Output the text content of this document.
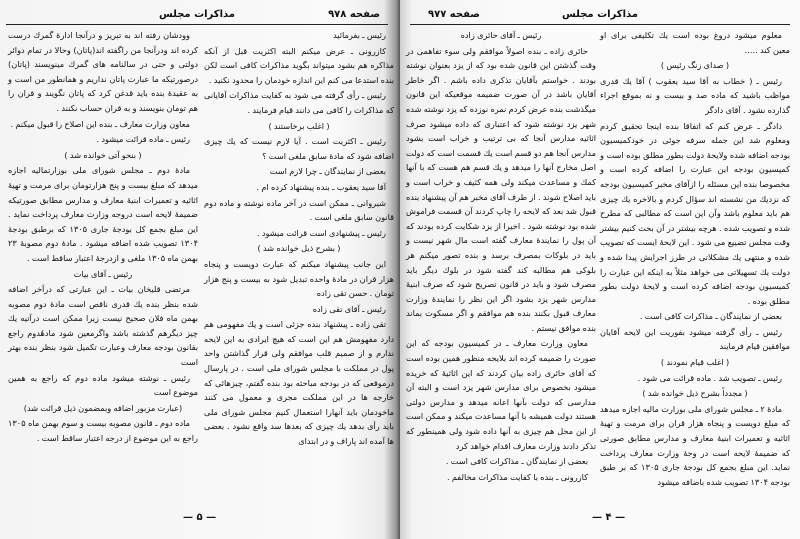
مذاکرات مجلس	صفحه ۹۷۸

رئیس ـ بفرمائید

کازرونی ـ عرض میکنم البته اکثریت قبل از آنکه مذاکره هم بشود میتواند بگوید مذاکرات کافی است لکن بنده استدعا می کنم این اندازه خودمان را محدود نکنید .

رئیس ـ رأی گرفته می شود به کفایت مذاکرات آقایانی که مذاکرات را کافی می دانند قیام فرمایند .

( اغلب برخاستند )

رئیس ـ اکثریت است . آیا لازم نیست که یك چیزی اضافه شود که مادهٔ سابق ملغی است ؟

بعضی از نمایندگان ـ چرا لازم است

آقا سید یعقوب ـ بنده پیشنهاد کرده ام .

شیروانی ـ ممکن است در آخر ماده نوشته و ماده دوم قانون سابق ملغی است .

رئیس ـ پیشنهادی است قرائت میشود .

( بشرح ذیل خوانده شد )

این جانب پیشنهاد میکنم که عبارت دویست و پنجاه هزار قران در مادهٔ واحده تبدیل شود به بیست و پنج هزار تومان . حسن تقی زاده

رئیس ـ آقای تقی زاده

تقی زاده ـ پیشنهاد بنده جزئی است و یك مفهومی هم دارد مفهومش هم این است که هیچ ایرادی به این لایحه ندارم و از صمیم قلب موافقم ولی قرار گذاشتن واحد پول در مملکت با مجلس شورای ملی است . در پارسال درموقعی که در بودجه مباحثه بود بنده گفتم، چیزهائی که خارجه ها در این مملکت مجری و معمول می کنند ماخودمان باید آنهارا استعمال کنیم مجلس شورای ملی باید رأی بدهد یك چیزی که بعدها سد واقع نشود . بعضی ها آمده اند پاراف و در ابتدای

وودشان رفته اند به تبریز و درآنجا ادارهٔ گمرك درست کرده اند ودرآنجا من راگفته اند(پاتان) وحالا در تمام دوائر دولتی و حتی در سالنامه های گمرك مینویسند (پاتان) درصورتیکه ما عبارت پاتان نداریم و همانطور من است و به عقیدهٔ بنده باید قدغن کرد که پاتان نگویند و قران را هم تومان بنویسند و به قران حساب نکنند .

معاون وزارت معارف ـ بنده این اصلاح را قبول میکنم .

رئیس ـ ماده قرائت میشود .

( بنحو آتی خوانده شد )

مادهٔ دوم ـ مجلس شورای ملی بوزارتمالیه اجازه میدهد که مبلغ بیست و پنج هزارتومان برای مرمت و تهیهٔ اثاثیه و تعمیرات ابنیهٔ معارف و مدارس مطابق صورتیکه ضمیمهٔ لایحه است دروجه وزارت معارف پرداخت نماید . این مبلغ بجمع کل بودجهٔ جاری ۱۳۰۵ که برطبق بودجهٔ ۱۳۰۴ تصویب شده اضافه میشود . مادهٔ دوم مصوبهٔ ۲۳ بهمن ماه ۱۳۰۵ ملغی و ازدرجهٔ اعتبار ساقط است .

رئیس ـ آقای بیات

مرتضی قلیخان بیات ـ این عبارتی که درآخر اضافه شده بنظر بنده یك قدری ناقص است مادهٔ دوم مصوبه بهمن ماه فلان صحیح نیست زیرا ممکن است درآتیه یك چیز دیگرهم گذشته باشد واگرمعین شود مادهٔدوم راجع بقانون بودجه معارف وعبارت تکمیل شود بنظر بنده بهتر است

رئیس ـ نوشته میشود ماده دوم که راجع به همین موضوع است

(عبارت مزبور اضافه وبمضمون ذیل قرائت شد)

ماده دوم ـ قانون مصوبه بیست و سوم بهمن ماه ۱۳۰۵ راجع به این موضوع از درجه اعتبار ساقط است .

— ۵ —
مذاکرات مجلس
صفحه ۹۷۷

معلوم میشود دروغ بوده است یك تکلیفی برای او معین کند .....

( صدای زنگ رئیس )

رئیس ـ ( خطاب به آقا سید یعقوب ) آقا یك قدری مواظب باشید که ماده صد و بیست و نه بموقع اجراء گذارده نشود . آقای دادگر

دادگر ـ عرض کنم که اتفاقا بنده اینجا تحقیق کردم ومعلوم شد این جمله سرفه جوئی در خودکمیسیون بودجه اضافه شده ولایحهٔ دولت بطور مطلق بوده است و کمیسیون بودجه این عبارت را اضافه کرده است و مخصوصا بنده این مسئله را ازآقای مخبر کمیسیون بودجه که نزدیك من نشسته اند سؤال کردم و بالاخره یك چیزی هم باید معلوم باشد وآن این است که مطالبی که مطرح شده و تصویب شده . هرچه بیشتر در آن بحث کنیم بیشتر وقت مجلس تضییع می شود . این لایحهٔ ایست که تصویب شده و منتهی یك مشکلاتی در طرز اجرایش پیدا شده و دولت یك تسهیلاتی می خواهد مثلاً به اینکه این عبارت را کمیسیون بودجه اضافه کرده است و لایحهٔ دولت بطور مطلق بوده .

بعضی از نمایندگان ـ مذاکرات کافی است .

رئیس ـ رأی گرفته میشود بفوریت این لایحه آقایان موافقین قیام فرمایند

( اغلب قیام نمودند )

رئیس ـ تصویب شد . ماده قرائت می شود .

( مجدداً بشرح ذیل خوانده شد )

مادهٔ ۲ ـ مجلس شورای ملی بوزارت مالیه اجازه میدهد که مبلغ دویست و پنجاه هزار قران برای مرمت و تهیهٔ اثاثیه و تعمیرات ابنیهٔ معارف و مدارس مطابق صورتی که ضمیمهٔ لایحه است در وجهٔ وزارت معارف پرداخت نماید. این مبلغ بجمع کل بودجهٔ جاری ۱۳۰۵ که بر طبق بودجه ۱۳۰۴ تصویب شده باضافه میشود

رئیس ـ آقای حائری زاده

حائری زاده ـ بنده اصولاً موافقم ولی سوء تفاهمی در وقت گذشتن این قانون شده بود که از یزد بعنوان نوشته بودند . خواستم بآقایان تذکری داده باشم . اگر خاطر آقایان باشد در آن صورت ضمیمه موقعیکه این قانون میگذشت بنده عرض کردم نمره نوزده که یزد نوشته شده شهر یزد نوشته شود که اعتباری که داده میشود صرف اثاثیه مدارس آنجا که بی ترتیب و خراب است بشود مدارس آنجا هم دو قسم است یك قسمت است که دولت اصل مخارج آنها را میدهد و یك قسم هم هست که با آنها کمك و مساعدت میکند ولی همه کثیف و خراب است و باید اصلاح شوند . از طرف آقای مخبر هم آن پیشنهاد بنده قبول شد بعد که لایحه را چاپ کردند آن قسمت فراموش شده بود نوشته شود . اخیرا از یزد شکایت کرده بودند که آن پول را نمایندهٔ معارف گفته است مال شهر نیست و باید در بلوکات بمصرف برسد و بنده تصور میکنم هر بلوکی هم مطالبه کند گفته شود در بلوك دیگر باید مصرف شود و باید در قانون تصریح شود که صرف ابنیهٔ مدارس شهر یزد بشود اگر این نظر را نمایندهٔ وزارت معارف قبول بکنند بنده هم موافقم و اگر مسکوت بماند بنده موافق نیستم .

معاون وزارت معارف ـ در کمیسیون بودجه که این صورت را ضمیمه کرده اند بلایحه منظور همین بوده است که آقای حائری زاده بیان کردند که این اثاثیهٔ که خریده میشود بخصوص برای مدارس شهر یزد است و البته آن مدارسی که دولت بآنها اعانه میدهد و مدارس دولتی هستند دولت همیشه با آنها مساعدت میکند و ممکن است از این محل هم چیزی به آنها داده شود ولی همینطور که تذکر دادند وزارت معارف اقدام خواهد کرد

بعضی از نمایندگان ـ مذاکرات کافی است .

کازرونی ـ بنده با کفایت مذاکرات مخالفم .

— ۴ —
